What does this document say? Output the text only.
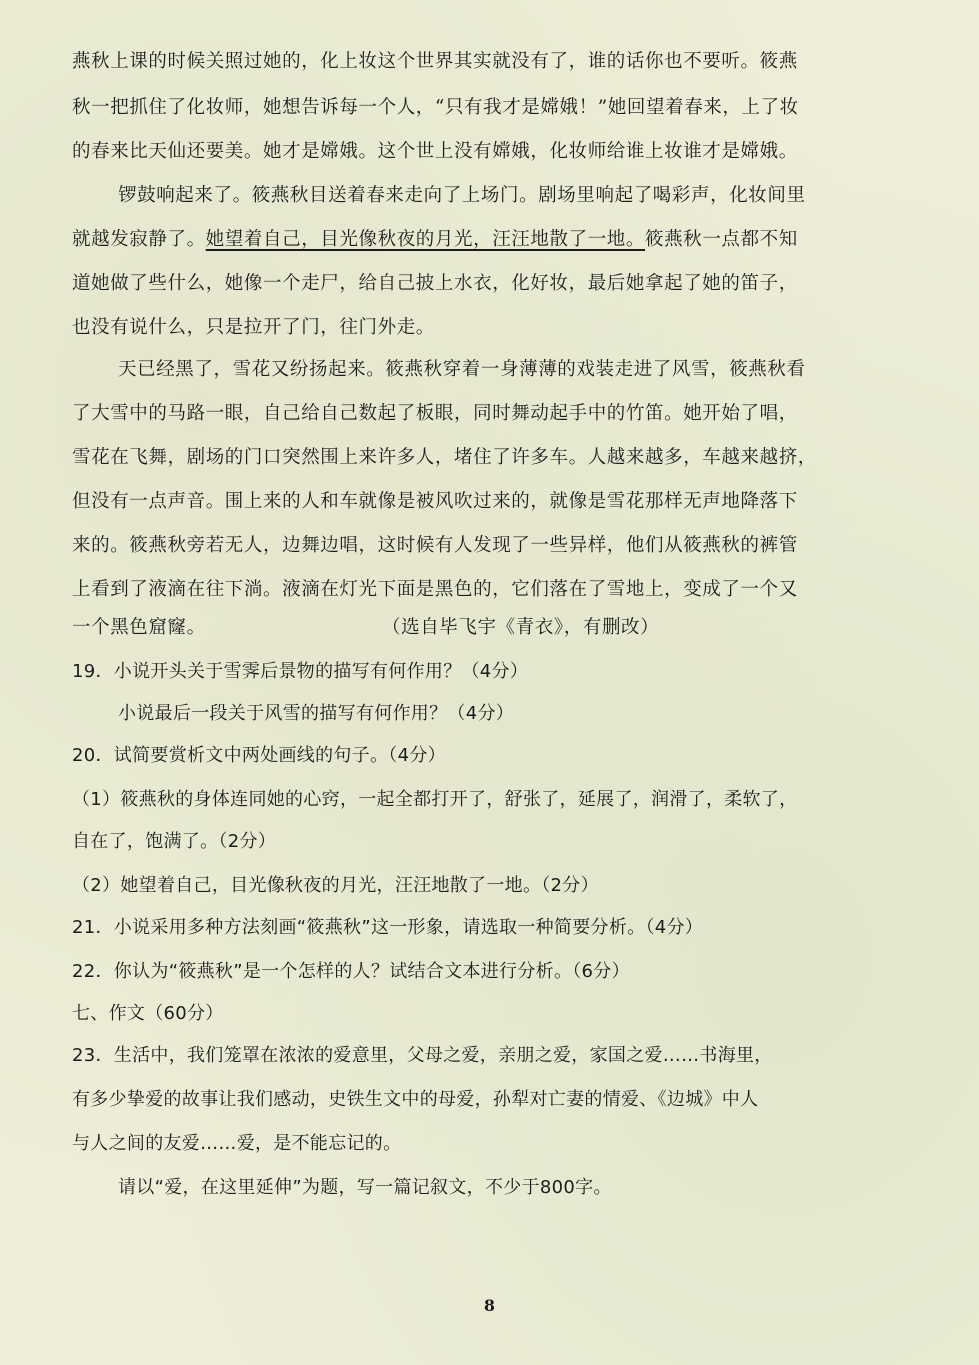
燕秋上课的时候关照过她的，化上妆这个世界其实就没有了，谁的话你也不要听。筱燕
秋一把抓住了化妆师，她想告诉每一个人，“只有我才是嫦娥！”她回望着春来，上了妆
的春来比天仙还要美。她才是嫦娥。这个世上没有嫦娥，化妆师给谁上妆谁才是嫦娥。
锣鼓响起来了。筱燕秋目送着春来走向了上场门。剧场里响起了喝彩声，化妆间里
就越发寂静了。她望着自己，目光像秋夜的月光，汪汪地散了一地。筱燕秋一点都不知
道她做了些什么，她像一个走尸，给自己披上水衣，化好妆，最后她拿起了她的笛子，
也没有说什么，只是拉开了门，往门外走。
天已经黑了，雪花又纷扬起来。筱燕秋穿着一身薄薄的戏装走进了风雪，筱燕秋看
了大雪中的马路一眼，自己给自己数起了板眼，同时舞动起手中的竹笛。她开始了唱，
雪花在飞舞，剧场的门口突然围上来许多人，堵住了许多车。人越来越多，车越来越挤，
但没有一点声音。围上来的人和车就像是被风吹过来的，就像是雪花那样无声地降落下
来的。筱燕秋旁若无人，边舞边唱，这时候有人发现了一些异样，他们从筱燕秋的裤管
上看到了液滴在往下淌。液滴在灯光下面是黑色的，它们落在了雪地上，变成了一个又
一个黑色窟窿。	（选自毕飞宇《青衣》，有删改）
19．小说开头关于雪霁后景物的描写有何作用？（4分）
小说最后一段关于风雪的描写有何作用？（4分）
20．试简要赏析文中两处画线的句子。（4分）
（1）筱燕秋的身体连同她的心窍，一起全都打开了，舒张了，延展了，润滑了，柔软了，
自在了，饱满了。（2分）
（2）她望着自己，目光像秋夜的月光，汪汪地散了一地。（2分）
21．小说采用多种方法刻画“筱燕秋”这一形象，请选取一种简要分析。（4分）
22．你认为“筱燕秋”是一个怎样的人？试结合文本进行分析。（6分）
七、作文（60分）
23．生活中，我们笼罩在浓浓的爱意里，父母之爱，亲朋之爱，家国之爱……书海里，
有多少挚爱的故事让我们感动，史铁生文中的母爱，孙犁对亡妻的情爱、《边城》中人
与人之间的友爱……爱，是不能忘记的。
请以“爱，在这里延伸”为题，写一篇记叙文，不少于800字。
8
